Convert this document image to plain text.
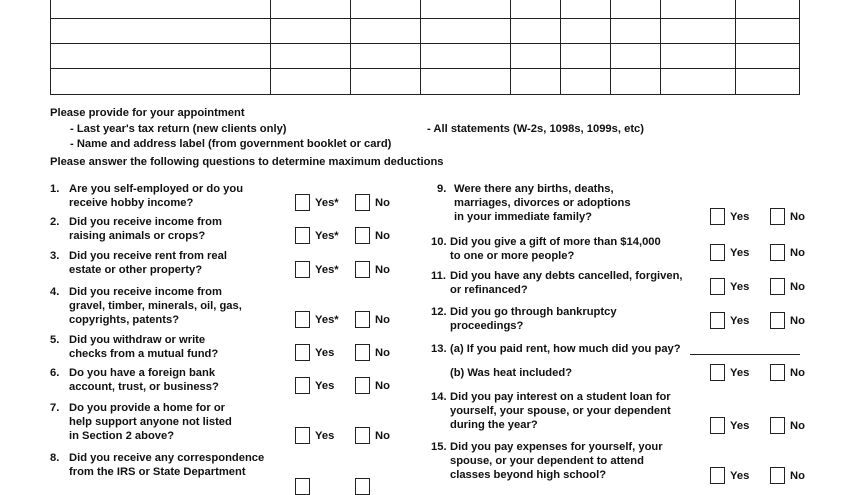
Please provide for your appointment
- Last year's tax return (new clients only)
- Name and address label (from government booklet or card)
- All statements (W-2s, 1098s, 1099s, etc)
Please answer the following questions to determine maximum deductions
1. Are you self-employed or do you
receive hobby income?	Yes*	No
2. Did you receive income from
raising animals or crops?	Yes*	No
3. Did you receive rent from real
estate or other property?	Yes*	No
4. Did you receive income from
gravel, timber, minerals, oil, gas,
copyrights, patents?	Yes*	No
5. Did you withdraw or write
checks from a mutual fund?	Yes	No
6. Do you have a foreign bank
account, trust, or business?	Yes	No
7. Do you provide a home for or
help support anyone not listed
in Section 2 above?	Yes	No
8. Did you receive any correspondence
from the IRS or State Department
9. Were there any births, deaths,
marriages, divorces or adoptions
in your immediate family?	Yes	No
10. Did you give a gift of more than $14,000
to one or more people?	Yes	No
11. Did you have any debts cancelled, forgiven,
or refinanced?	Yes	No
12. Did you go through bankruptcy
proceedings?	Yes	No
13. (a) If you paid rent, how much did you pay?
(b) Was heat included?	Yes	No
14. Did you pay interest on a student loan for
yourself, your spouse, or your dependent
during the year?	Yes	No
15. Did you pay expenses for yourself, your
spouse, or your dependent to attend
classes beyond high school?	Yes	No
